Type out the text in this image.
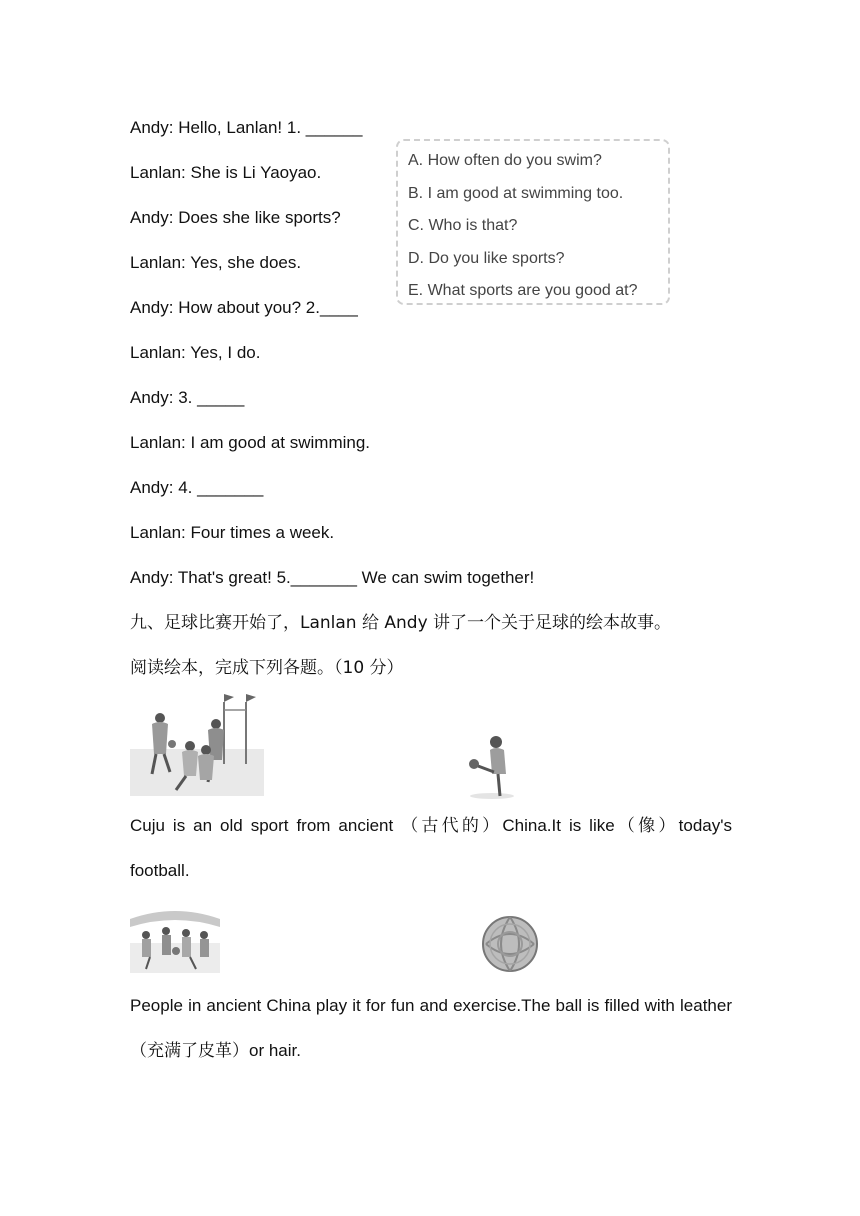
Andy: Hello, Lanlan! 1. ______
Lanlan: She is Li Yaoyao.
Andy: Does she like sports?
Lanlan: Yes, she does.
Andy: How about you? 2.____
Lanlan: Yes, I do.
Andy: 3. _____
Lanlan: I am good at swimming.
Andy: 4. _______
Lanlan: Four times a week.
Andy: That's great! 5._______ We can swim together!
A. How often do you swim?
B. I am good at swimming too.
C. Who is that?
D. Do you like sports?
E. What sports are you good at?
九、足球比赛开始了，Lanlan 给 Andy 讲了一个关于足球的绘本故事。
阅读绘本，完成下列各题。（10 分）
Cuju is an old sport from ancient （古代的）China.It is like（像）today's football.
People in ancient China play it for fun and exercise.The ball is filled with leather （充满了皮革）or hair.
